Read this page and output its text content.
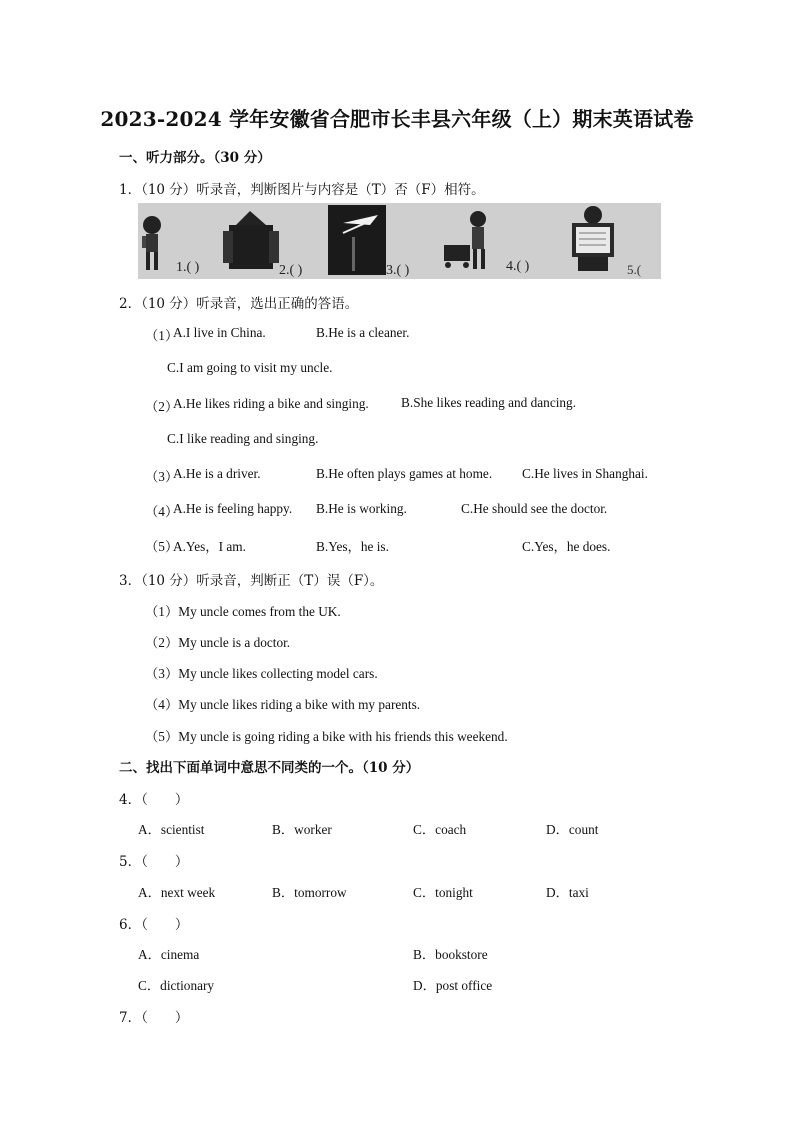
2023-2024 学年安徽省合肥市长丰县六年级（上）期末英语试卷
一、听力部分。（30 分）
1．（10 分）听录音，判断图片与内容是（T）否（F）相符。
1.( )	2.( )	3.( )	4.( )	5.(
2．（10 分）听录音，选出正确的答语。
（1）
A.I live in China.	B.He is a cleaner.
C.I am going to visit my uncle.
（2）
A.He likes riding a bike and singing. B.She likes reading and dancing.
C.I like reading and singing.
（3）
A.He is a driver.	B.He often plays games at home. C.He lives in Shanghai.
（4）
A.He is feeling happy. B.He is working.	C.He should see the doctor.
（5）
A.Yes，I am.	B.Yes，he is.	C.Yes，he does.
3．（10 分）听录音，判断正（T）误（F）。
（1）My uncle comes from the UK.
（2）My uncle is a doctor.
（3）My uncle likes collecting model cars.
（4）My uncle likes riding a bike with my parents.
（5）My uncle is going riding a bike with his friends this weekend.
二、找出下面单词中意思不同类的一个。（10 分）
4．（　　）
A．scientist	B．worker	C．coach	D．count
5．（　　）
A．next week	B．tomorrow	C．tonight	D．taxi
6．（　　）
A．cinema	B．bookstore
C．dictionary	D．post office
7．（　　）
